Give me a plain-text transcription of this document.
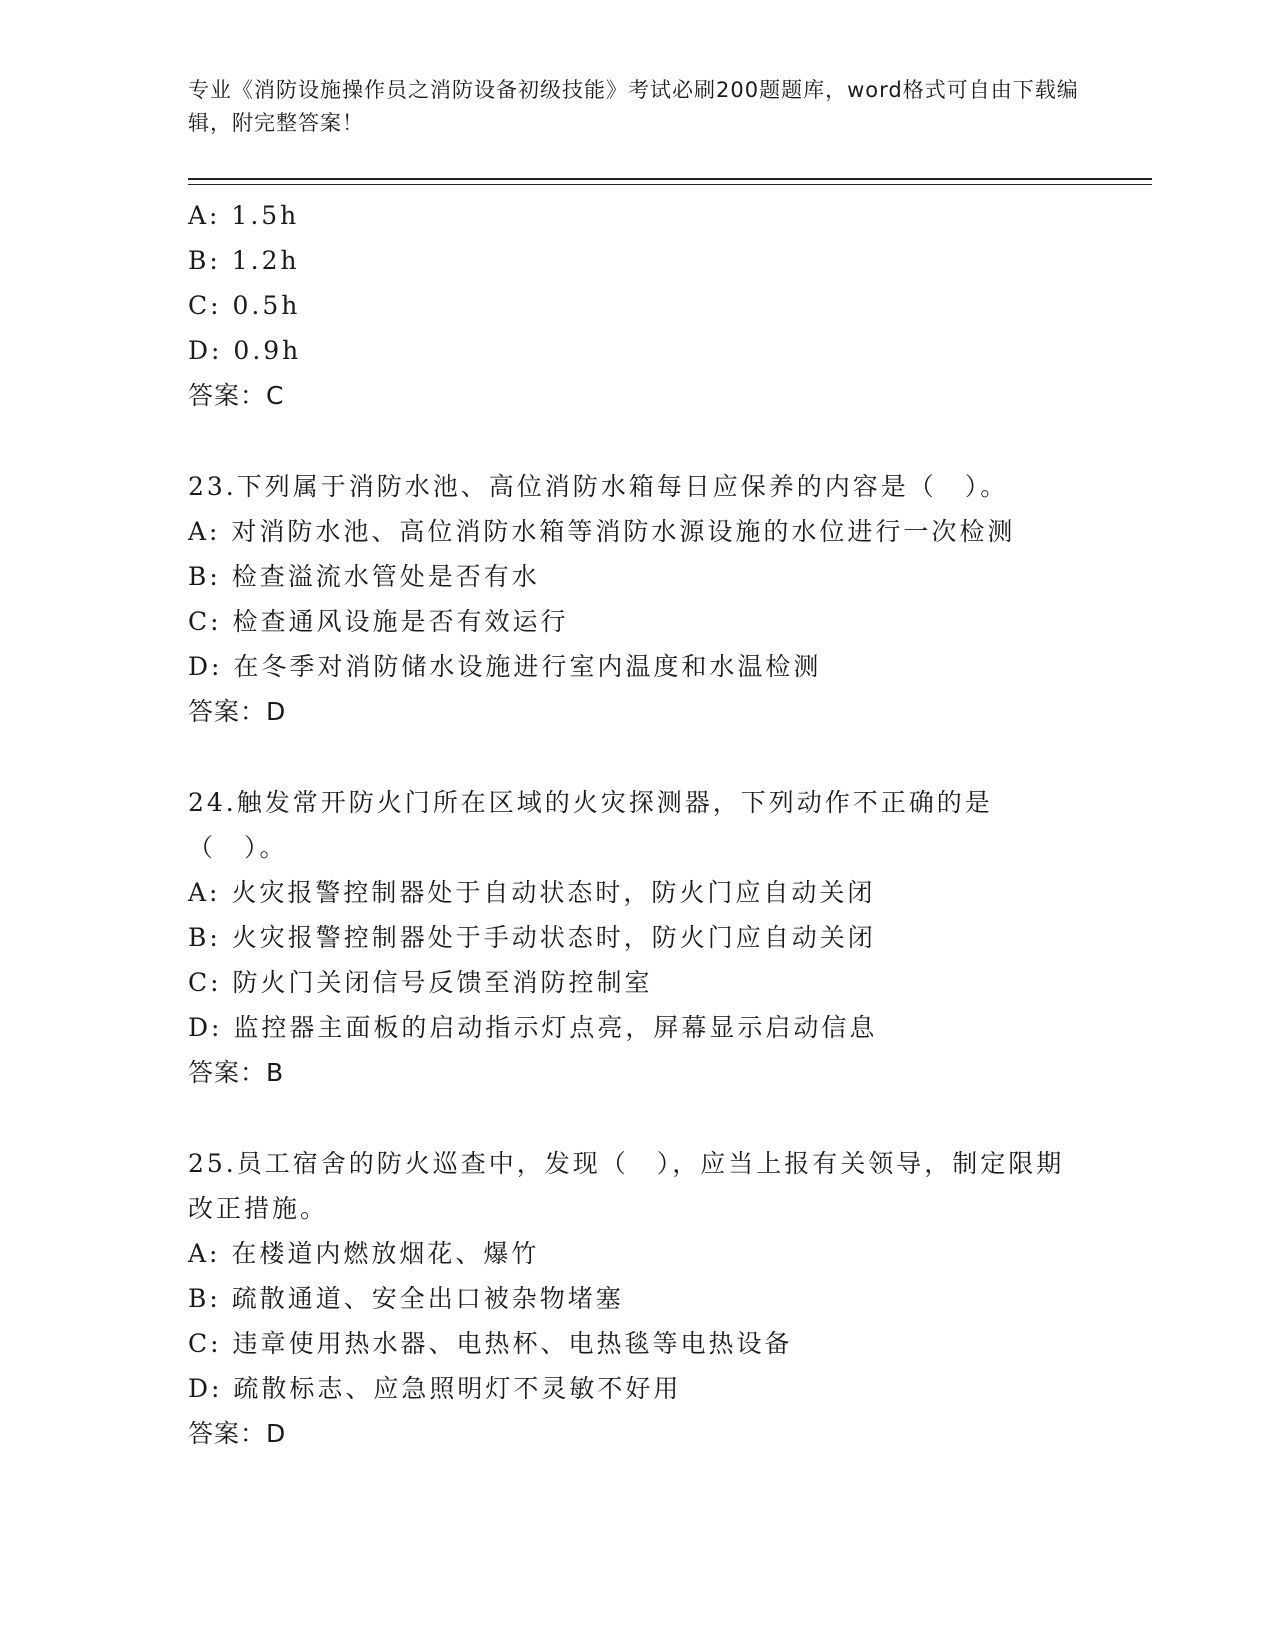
专业《消防设施操作员之消防设备初级技能》考试必刷200题题库，word格式可自由下载编辑，附完整答案！
A: 1.5h
B: 1.2h
C: 0.5h
D: 0.9h
答案：C
23.下列属于消防水池、高位消防水箱每日应保养的内容是（　）。
A: 对消防水池、高位消防水箱等消防水源设施的水位进行一次检测
B: 检查溢流水管处是否有水
C: 检查通风设施是否有效运行
D: 在冬季对消防储水设施进行室内温度和水温检测
答案：D
24.触发常开防火门所在区域的火灾探测器，下列动作不正确的是（　）。
A: 火灾报警控制器处于自动状态时，防火门应自动关闭
B: 火灾报警控制器处于手动状态时，防火门应自动关闭
C: 防火门关闭信号反馈至消防控制室
D: 监控器主面板的启动指示灯点亮，屏幕显示启动信息
答案：B
25.员工宿舍的防火巡查中，发现（　），应当上报有关领导，制定限期改正措施。
A: 在楼道内燃放烟花、爆竹
B: 疏散通道、安全出口被杂物堵塞
C: 违章使用热水器、电热杯、电热毯等电热设备
D: 疏散标志、应急照明灯不灵敏不好用
答案：D
